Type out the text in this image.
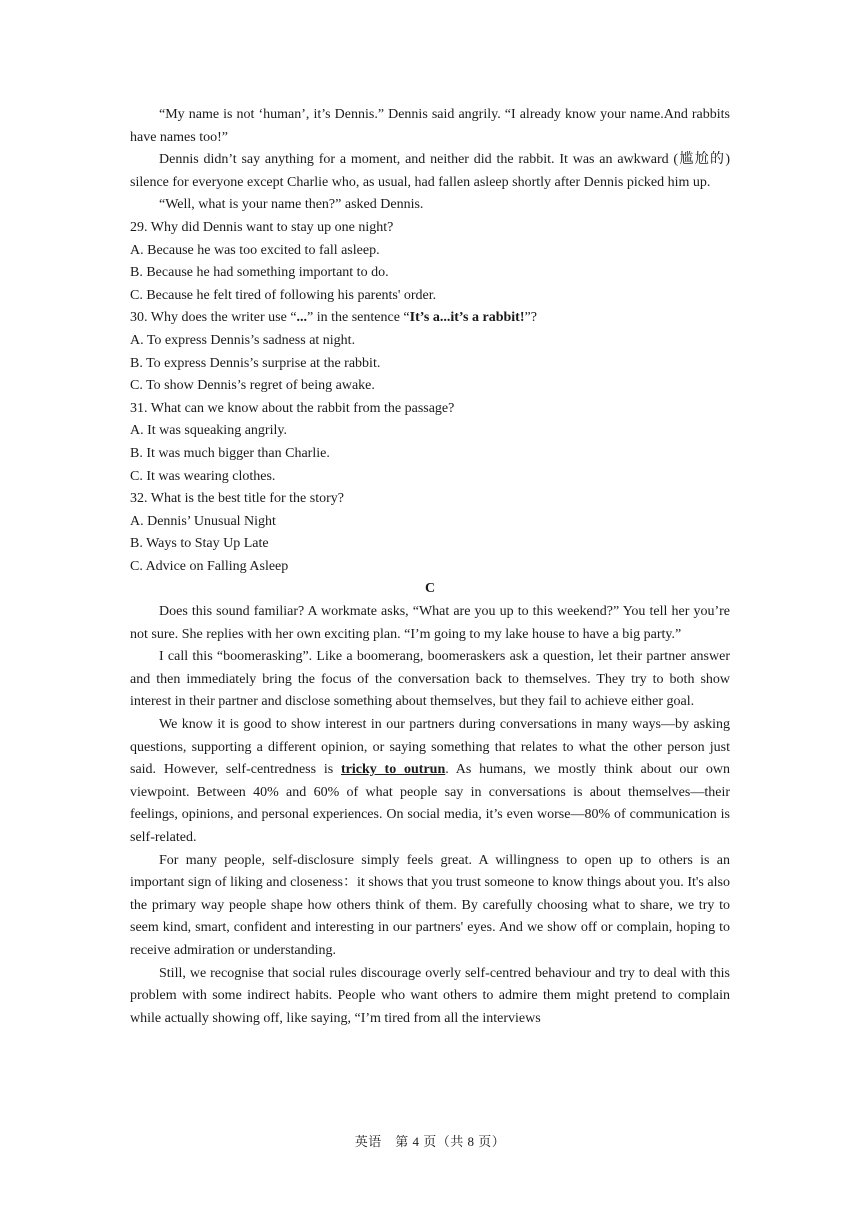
“My name is not ‘human’, it’s Dennis.” Dennis said angrily. “I already know your name.And rabbits have names too!”

Dennis didn’t say anything for a moment, and neither did the rabbit. It was an awkward (尴尬的) silence for everyone except Charlie who, as usual, had fallen asleep shortly after Dennis picked him up.

“Well, what is your name then?” asked Dennis.

29. Why did Dennis want to stay up one night?

A. Because he was too excited to fall asleep.

B. Because he had something important to do.

C. Because he felt tired of following his parents' order.

30. Why does the writer use “...” in the sentence “It’s a...it’s a rabbit!”?

A. To express Dennis’s sadness at night.

B. To express Dennis’s surprise at the rabbit.

C. To show Dennis’s regret of being awake.

31. What can we know about the rabbit from the passage?

A. It was squeaking angrily.

B. It was much bigger than Charlie.

C. It was wearing clothes.

32. What is the best title for the story?

A. Dennis’ Unusual Night

B. Ways to Stay Up Late

C. Advice on Falling Asleep

C

Does this sound familiar? A workmate asks, “What are you up to this weekend?” You tell her you’re not sure. She replies with her own exciting plan. “I’m going to my lake house to have a big party.”

I call this “boomerasking”. Like a boomerang, boomeraskers ask a question, let their partner answer and then immediately bring the focus of the conversation back to themselves. They try to both show interest in their partner and disclose something about themselves, but they fail to achieve either goal.

We know it is good to show interest in our partners during conversations in many ways—by asking questions, supporting a different opinion, or saying something that relates to what the other person just said. However, self-centredness is tricky to outrun. As humans, we mostly think about our own viewpoint. Between 40% and 60% of what people say in conversations is about themselves—their feelings, opinions, and personal experiences. On social media, it’s even worse—80% of communication is self-related.

For many people, self-disclosure simply feels great. A willingness to open up to others is an important sign of liking and closeness：it shows that you trust someone to know things about you. It's also the primary way people shape how others think of them. By carefully choosing what to share, we try to seem kind, smart, confident and interesting in our partners' eyes. And we show off or complain, hoping to receive admiration or understanding.

Still, we recognise that social rules discourage overly self-centred behaviour and try to deal with this problem with some indirect habits. People who want others to admire them might pretend to complain while actually showing off, like saying, “I’m tired from all the interviews

英语　第 4 页（共 8 页）
